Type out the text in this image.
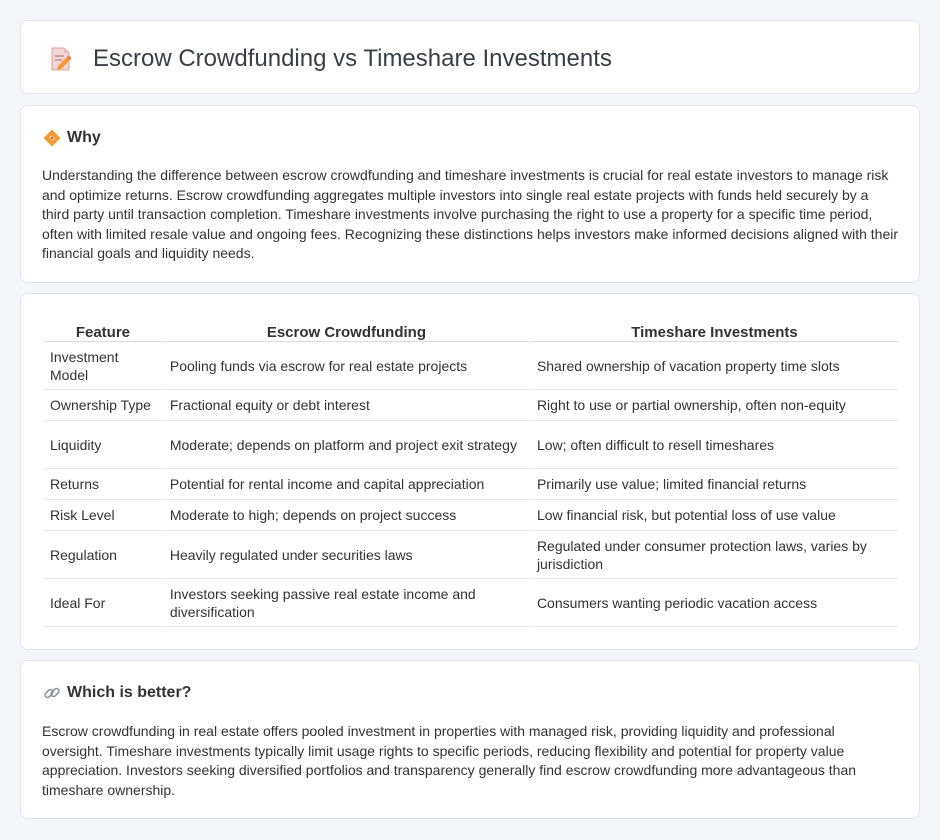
Escrow Crowdfunding vs Timeshare Investments
Why

Understanding the difference between escrow crowdfunding and timeshare investments is crucial for real estate investors to manage risk and optimize returns. Escrow crowdfunding aggregates multiple investors into single real estate projects with funds held securely by a third party until transaction completion. Timeshare investments involve purchasing the right to use a property for a specific time period, often with limited resale value and ongoing fees. Recognizing these distinctions helps investors make informed decisions aligned with their financial goals and liquidity needs.

Feature	Escrow Crowdfunding	Timeshare Investments
Investment Model	Pooling funds via escrow for real estate projects	Shared ownership of vacation property time slots
Ownership Type	Fractional equity or debt interest	Right to use or partial ownership, often non-equity
Liquidity	Moderate; depends on platform and project exit strategy	Low; often difficult to resell timeshares
Returns	Potential for rental income and capital appreciation	Primarily use value; limited financial returns
Risk Level	Moderate to high; depends on project success	Low financial risk, but potential loss of use value
Regulation	Heavily regulated under securities laws	Regulated under consumer protection laws, varies by jurisdiction
Ideal For	Investors seeking passive real estate income and diversification	Consumers wanting periodic vacation access
Which is better?

Escrow crowdfunding in real estate offers pooled investment in properties with managed risk, providing liquidity and professional oversight. Timeshare investments typically limit usage rights to specific periods, reducing flexibility and potential for property value appreciation. Investors seeking diversified portfolios and transparency generally find escrow crowdfunding more advantageous than timeshare ownership.
